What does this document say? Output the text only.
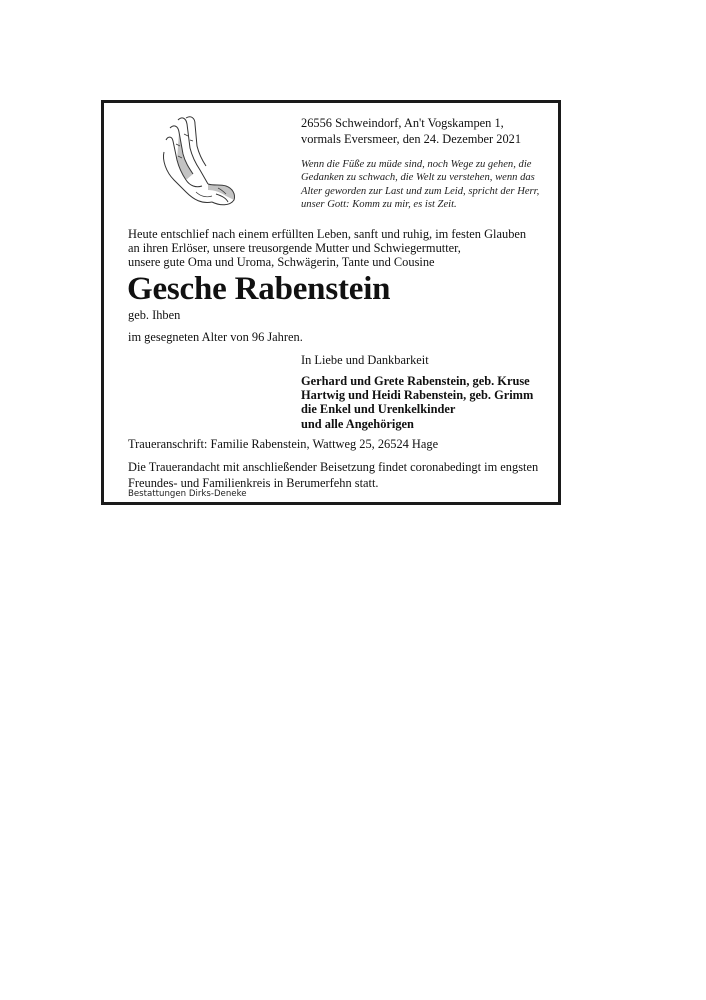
26556 Schweindorf, An't Vogskampen 1,
vormals Eversmeer, den 24. Dezember 2021
Wenn die Füße zu müde sind, noch Wege zu gehen, die
Gedanken zu schwach, die Welt zu verstehen, wenn das
Alter geworden zur Last und zum Leid, spricht der Herr,
unser Gott: Komm zu mir, es ist Zeit.
Heute entschlief nach einem erfüllten Leben, sanft und ruhig, im festen Glauben
an ihren Erlöser, unsere treusorgende Mutter und Schwiegermutter,
unsere gute Oma und Uroma, Schwägerin, Tante und Cousine
Gesche Rabenstein
geb. Ihben
im gesegneten Alter von 96 Jahren.
In Liebe und Dankbarkeit
Gerhard und Grete Rabenstein, geb. Kruse
Hartwig und Heidi Rabenstein, geb. Grimm
die Enkel und Urenkelkinder
und alle Angehörigen
Traueranschrift: Familie Rabenstein, Wattweg 25, 26524 Hage
Die Trauerandacht mit anschließender Beisetzung findet coronabedingt im engsten
Freundes- und Familienkreis in Berumerfehn statt.
Bestattungen Dirks-Deneke
